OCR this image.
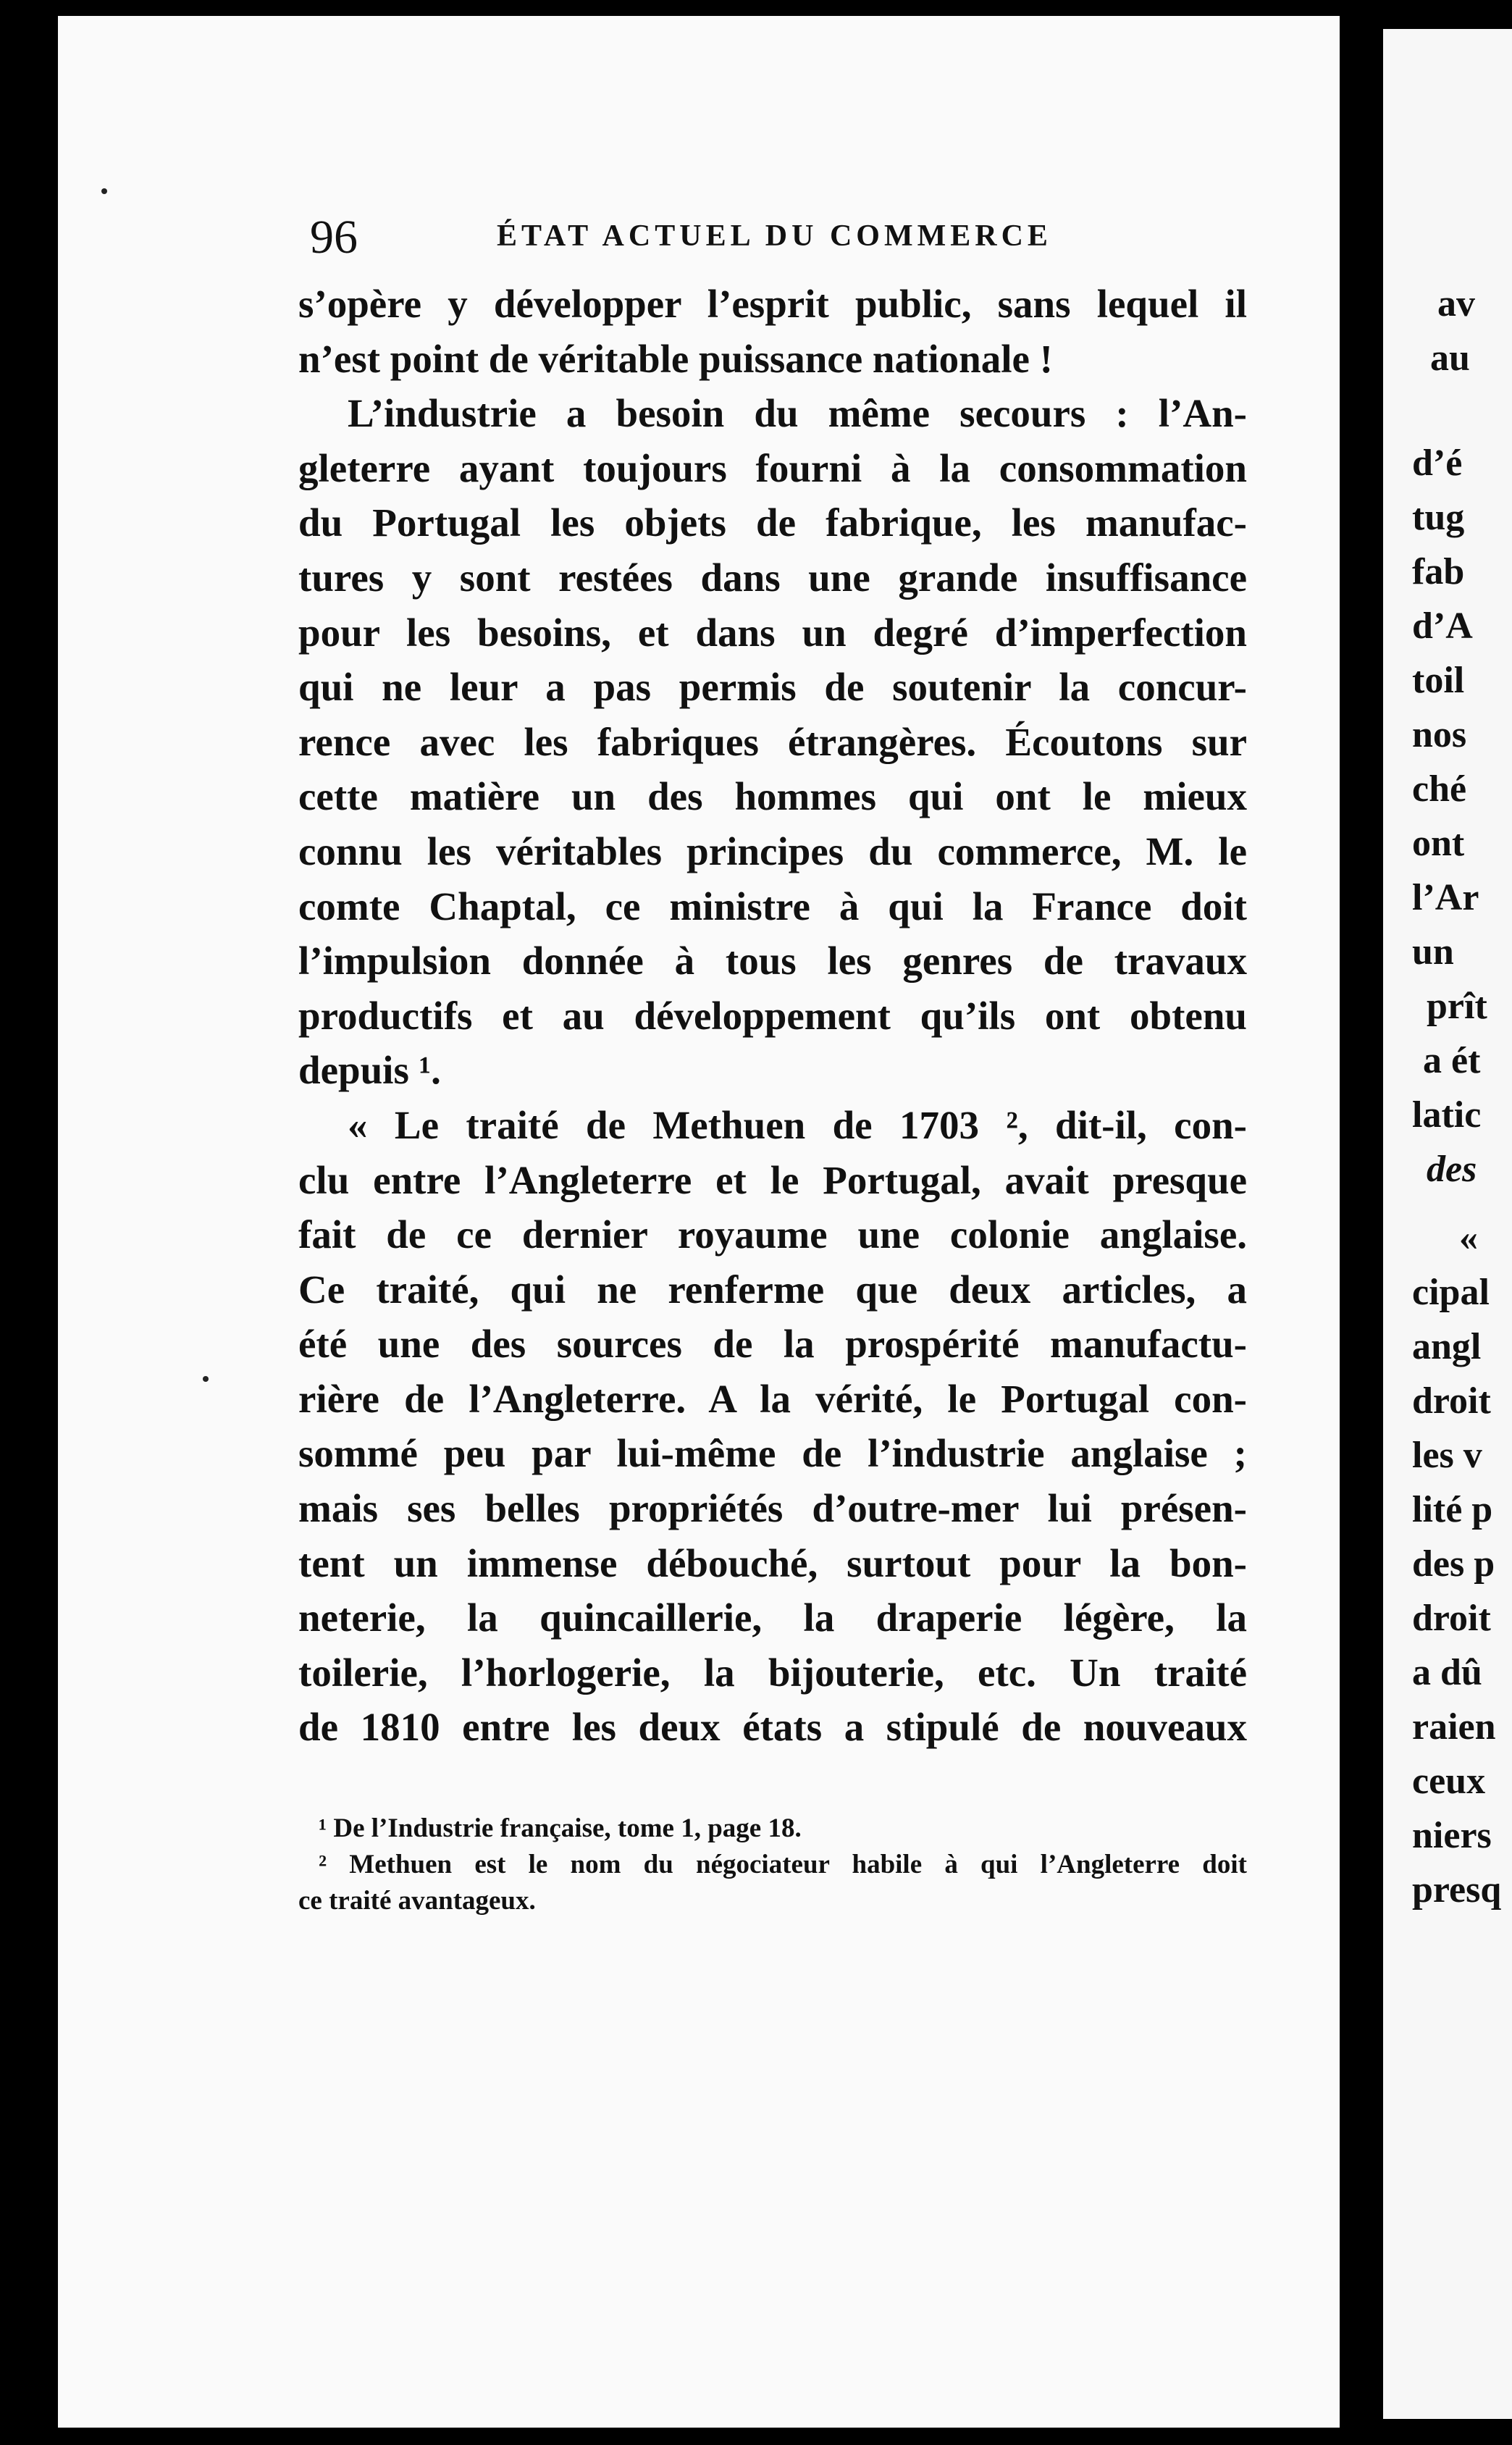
av
au
d’é
tug
fab
d’A
toil
nos
ché
ont
l’Ar
un
prît
a ét
latic
des
«
cipal
angl
droit
les v
lité p
des p
droit
a dû
raien
ceux
niers
presq
96	ÉTAT ACTUEL DU COMMERCE
s’opère y développer l’esprit public, sans lequel il
n’est point de véritable puissance nationale !
L’industrie a besoin du même secours : l’An-
gleterre ayant toujours fourni à la consommation
du Portugal les objets de fabrique, les manufac-
tures y sont restées dans une grande insuffisance
pour les besoins, et dans un degré d’imperfection
qui ne leur a pas permis de soutenir la concur-
rence avec les fabriques étrangères. Écoutons sur
cette matière un des hommes qui ont le mieux
connu les véritables principes du commerce, M. le
comte Chaptal, ce ministre à qui la France doit
l’impulsion donnée à tous les genres de travaux
productifs et au développement qu’ils ont obtenu
depuis ¹.
« Le traité de Methuen de 1703 ², dit-il, con-
clu entre l’Angleterre et le Portugal, avait presque
fait de ce dernier royaume une colonie anglaise.
Ce traité, qui ne renferme que deux articles, a
été une des sources de la prospérité manufactu-
rière de l’Angleterre. A la vérité, le Portugal con-
sommé peu par lui-même de l’industrie anglaise ;
mais ses belles propriétés d’outre-mer lui présen-
tent un immense débouché, surtout pour la bon-
neterie, la quincaillerie, la draperie légère, la
toilerie, l’horlogerie, la bijouterie, etc. Un traité
de 1810 entre les deux états a stipulé de nouveaux
¹ De l’Industrie française, tome 1, page 18.
² Methuen est le nom du négociateur habile à qui l’Angleterre doit
ce traité avantageux.
